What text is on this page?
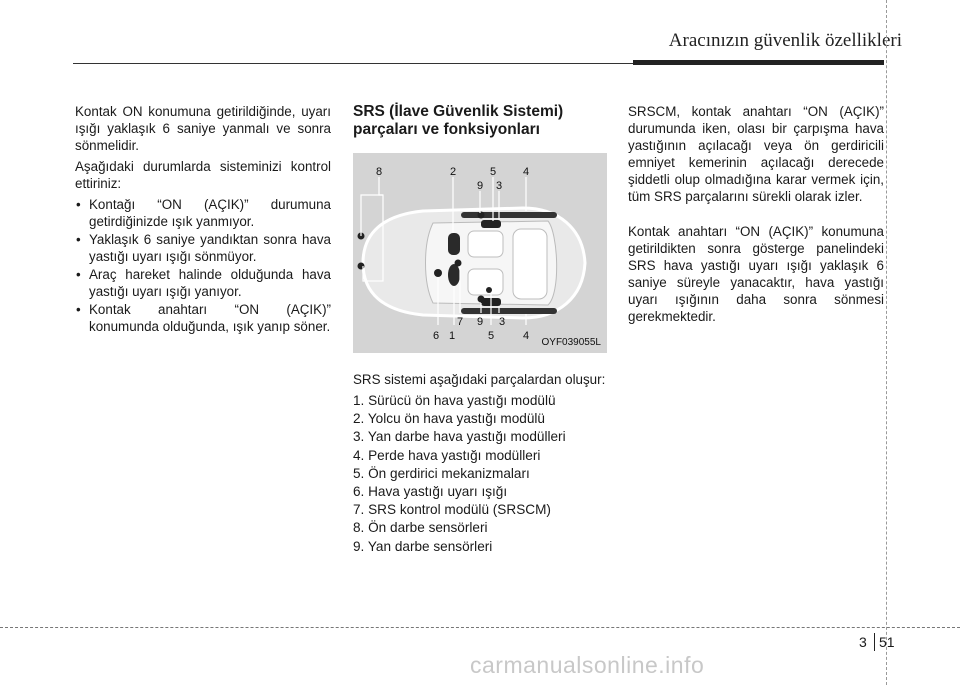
Aracınızın güvenlik özellikleri

Kontak ON konumuna getirildiğinde, uyarı ışığı yaklaşık 6 saniye yanmalı ve sonra sönmelidir.

Aşağıdaki durumlarda sisteminizi kontrol ettiriniz:

• Kontağı “ON (AÇIK)” durumuna getirdiğinizde ışık yanmıyor.
• Yaklaşık 6 saniye yandıktan sonra hava yastığı uyarı ışığı sönmüyor.
• Araç hareket halinde olduğunda hava yastığı uyarı ışığı yanıyor.
• Kontak anahtarı “ON (AÇIK)” konumunda olduğunda, ışık yanıp söner.
SRS (İlave Güvenlik Sistemi) parçaları ve fonksiyonları
8	2	5 4
9 3
6 1
7 9
5
3
4
OYF039055L

SRS sistemi aşağıdaki parçalardan oluşur:

1. Sürücü ön hava yastığı modülü
2. Yolcu ön hava yastığı modülü
3. Yan darbe hava yastığı modülleri
4. Perde hava yastığı modülleri
5. Ön gerdirici mekanizmaları
6. Hava yastığı uyarı ışığı
7. SRS kontrol modülü (SRSCM)
8. Ön darbe sensörleri
9. Yan darbe sensörleri

SRSCM, kontak anahtarı “ON (AÇIK)” durumunda iken, olası bir çarpışma hava yastığının açılacağı veya ön gerdiricili emniyet kemerinin açılacağı derecede şiddetli olup olmadığına karar vermek için, tüm SRS parçalarını sürekli olarak izler.

Kontak anahtarı “ON (AÇIK)” konumuna getirildikten sonra gösterge panelindeki SRS hava yastığı uyarı ışığı yaklaşık 6 saniye süreyle yanacaktır, hava yastığı uyarı ışığının daha sonra sönmesi gerekmektedir.

3 51
carmanualsonline.info
